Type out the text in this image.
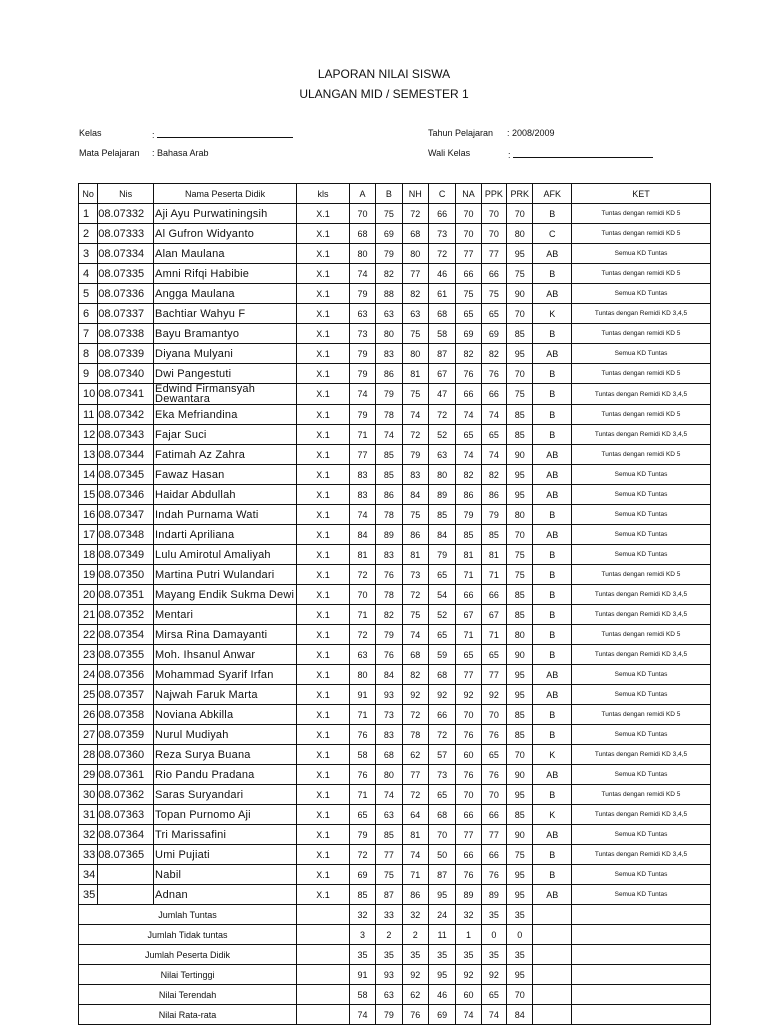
LAPORAN NILAI SISWA
ULANGAN MID / SEMESTER 1
Kelas	:
Mata Pelajaran : Bahasa Arab
Tahun Pelajaran : 2008/2009
Wali Kelas	:
No	Nis	Nama Peserta Didik	kls	A	B	NH	C	NA	PPK	PRK	AFK	KET
1	08.07332	Aji Ayu Purwatiningsih	X.1	70	75	72	66	70	70	70	B	Tuntas dengan remidi KD 5
2	08.07333	Al Gufron Widyanto	X.1	68	69	68	73	70	70	80	C	Tuntas dengan remidi KD 5
3	08.07334	Alan Maulana	X.1	80	79	80	72	77	77	95	AB	Semua KD Tuntas
4	08.07335	Amni Rifqi Habibie	X.1	74	82	77	46	66	66	75	B	Tuntas dengan remidi KD 5
5	08.07336	Angga Maulana	X.1	79	88	82	61	75	75	90	AB	Semua KD Tuntas
6	08.07337	Bachtiar Wahyu F	X.1	63	63	63	68	65	65	70	K	Tuntas dengan Remidi KD 3,4,5
7	08.07338	Bayu Bramantyo	X.1	73	80	75	58	69	69	85	B	Tuntas dengan remidi KD 5
8	08.07339	Diyana Mulyani	X.1	79	83	80	87	82	82	95	AB	Semua KD Tuntas
9	08.07340	Dwi Pangestuti	X.1	79	86	81	67	76	76	70	B	Tuntas dengan remidi KD 5
10	08.07341	Edwind Firmansyah Dewantara	X.1	74	79	75	47	66	66	75	B	Tuntas dengan Remidi KD 3,4,5
11	08.07342	Eka Mefriandina	X.1	79	78	74	72	74	74	85	B	Tuntas dengan remidi KD 5
12	08.07343	Fajar Suci	X.1	71	74	72	52	65	65	85	B	Tuntas dengan Remidi KD 3,4,5
13	08.07344	Fatimah Az Zahra	X.1	77	85	79	63	74	74	90	AB	Tuntas dengan remidi KD 5
14	08.07345	Fawaz Hasan	X.1	83	85	83	80	82	82	95	AB	Semua KD Tuntas
15	08.07346	Haidar Abdullah	X.1	83	86	84	89	86	86	95	AB	Semua KD Tuntas
16	08.07347	Indah Purnama Wati	X.1	74	78	75	85	79	79	80	B	Semua KD Tuntas
17	08.07348	Indarti Apriliana	X.1	84	89	86	84	85	85	70	AB	Semua KD Tuntas
18	08.07349	Lulu Amirotul Amaliyah	X.1	81	83	81	79	81	81	75	B	Semua KD Tuntas
19	08.07350	Martina Putri Wulandari	X.1	72	76	73	65	71	71	75	B	Tuntas dengan remidi KD 5
20	08.07351	Mayang Endik Sukma Dewi	X.1	70	78	72	54	66	66	85	B	Tuntas dengan Remidi KD 3,4,5
21	08.07352	Mentari	X.1	71	82	75	52	67	67	85	B	Tuntas dengan Remidi KD 3,4,5
22	08.07354	Mirsa Rina Damayanti	X.1	72	79	74	65	71	71	80	B	Tuntas dengan remidi KD 5
23	08.07355	Moh. Ihsanul Anwar	X.1	63	76	68	59	65	65	90	B	Tuntas dengan Remidi KD 3,4,5
24	08.07356	Mohammad Syarif Irfan	X.1	80	84	82	68	77	77	95	AB	Semua KD Tuntas
25	08.07357	Najwah Faruk Marta	X.1	91	93	92	92	92	92	95	AB	Semua KD Tuntas
26	08.07358	Noviana Abkilla	X.1	71	73	72	66	70	70	85	B	Tuntas dengan remidi KD 5
27	08.07359	Nurul Mudiyah	X.1	76	83	78	72	76	76	85	B	Semua KD Tuntas
28	08.07360	Reza Surya Buana	X.1	58	68	62	57	60	65	70	K	Tuntas dengan Remidi KD 3,4,5
29	08.07361	Rio Pandu Pradana	X.1	76	80	77	73	76	76	90	AB	Semua KD Tuntas
30	08.07362	Saras Suryandari	X.1	71	74	72	65	70	70	95	B	Tuntas dengan remidi KD 5
31	08.07363	Topan Purnomo Aji	X.1	65	63	64	68	66	66	85	K	Tuntas dengan Remidi KD 3,4,5
32	08.07364	Tri Marissafini	X.1	79	85	81	70	77	77	90	AB	Semua KD Tuntas
33	08.07365	Umi Pujiati	X.1	72	77	74	50	66	66	75	B	Tuntas dengan Remidi KD 3,4,5
34		Nabil	X.1	69	75	71	87	76	76	95	B	Semua KD Tuntas
35		Adnan	X.1	85	87	86	95	89	89	95	AB	Semua KD Tuntas
Jumlah Tuntas				32	33	32	24	32	35	35		
Jumlah Tidak tuntas				3	2	2	11	1	0	0		
Jumlah Peserta Didik				35	35	35	35	35	35	35		
Nilai Tertinggi				91	93	92	95	92	92	95		
Nilai Terendah				58	63	62	46	60	65	70		
Nilai Rata-rata				74	79	76	69	74	74	84		
